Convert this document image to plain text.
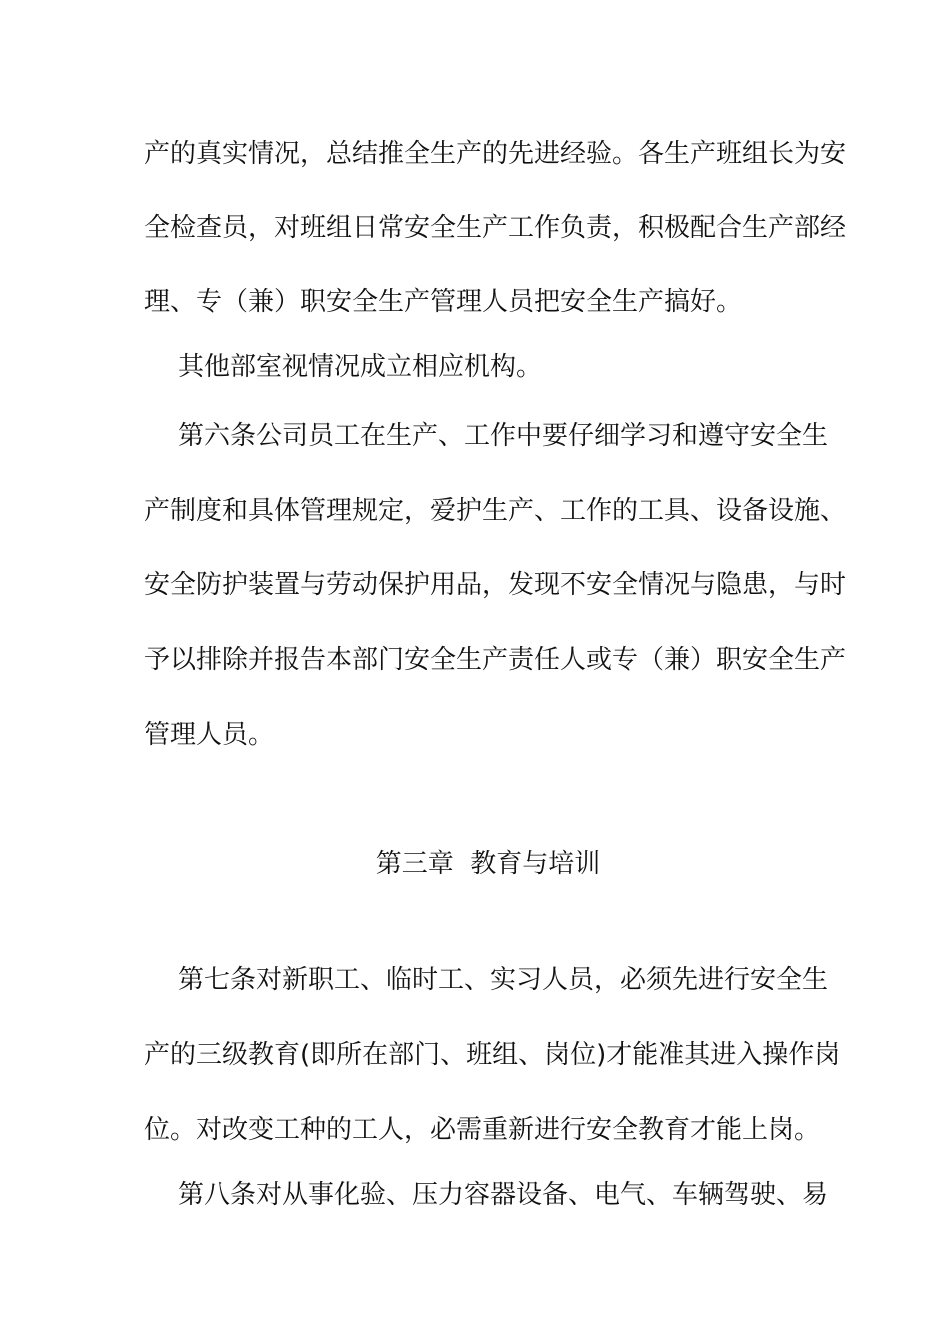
产的真实情况，总结推全生产的先进经验。各生产班组长为安
全检查员，对班组日常安全生产工作负责，积极配合生产部经
理、专（兼）职安全生产管理人员把安全生产搞好。
其他部室视情况成立相应机构。
第六条公司员工在生产、工作中要仔细学习和遵守安全生
产制度和具体管理规定，爱护生产、工作的工具、设备设施、
安全防护装置与劳动保护用品，发现不安全情况与隐患，与时
予以排除并报告本部门安全生产责任人或专（兼）职安全生产
管理人员。
第三章  教育与培训
第七条对新职工、临时工、实习人员，必须先进行安全生
产的三级教育(即所在部门、班组、岗位)才能准其进入操作岗
位。对改变工种的工人，必需重新进行安全教育才能上岗。
第八条对从事化验、压力容器设备、电气、车辆驾驶、易
